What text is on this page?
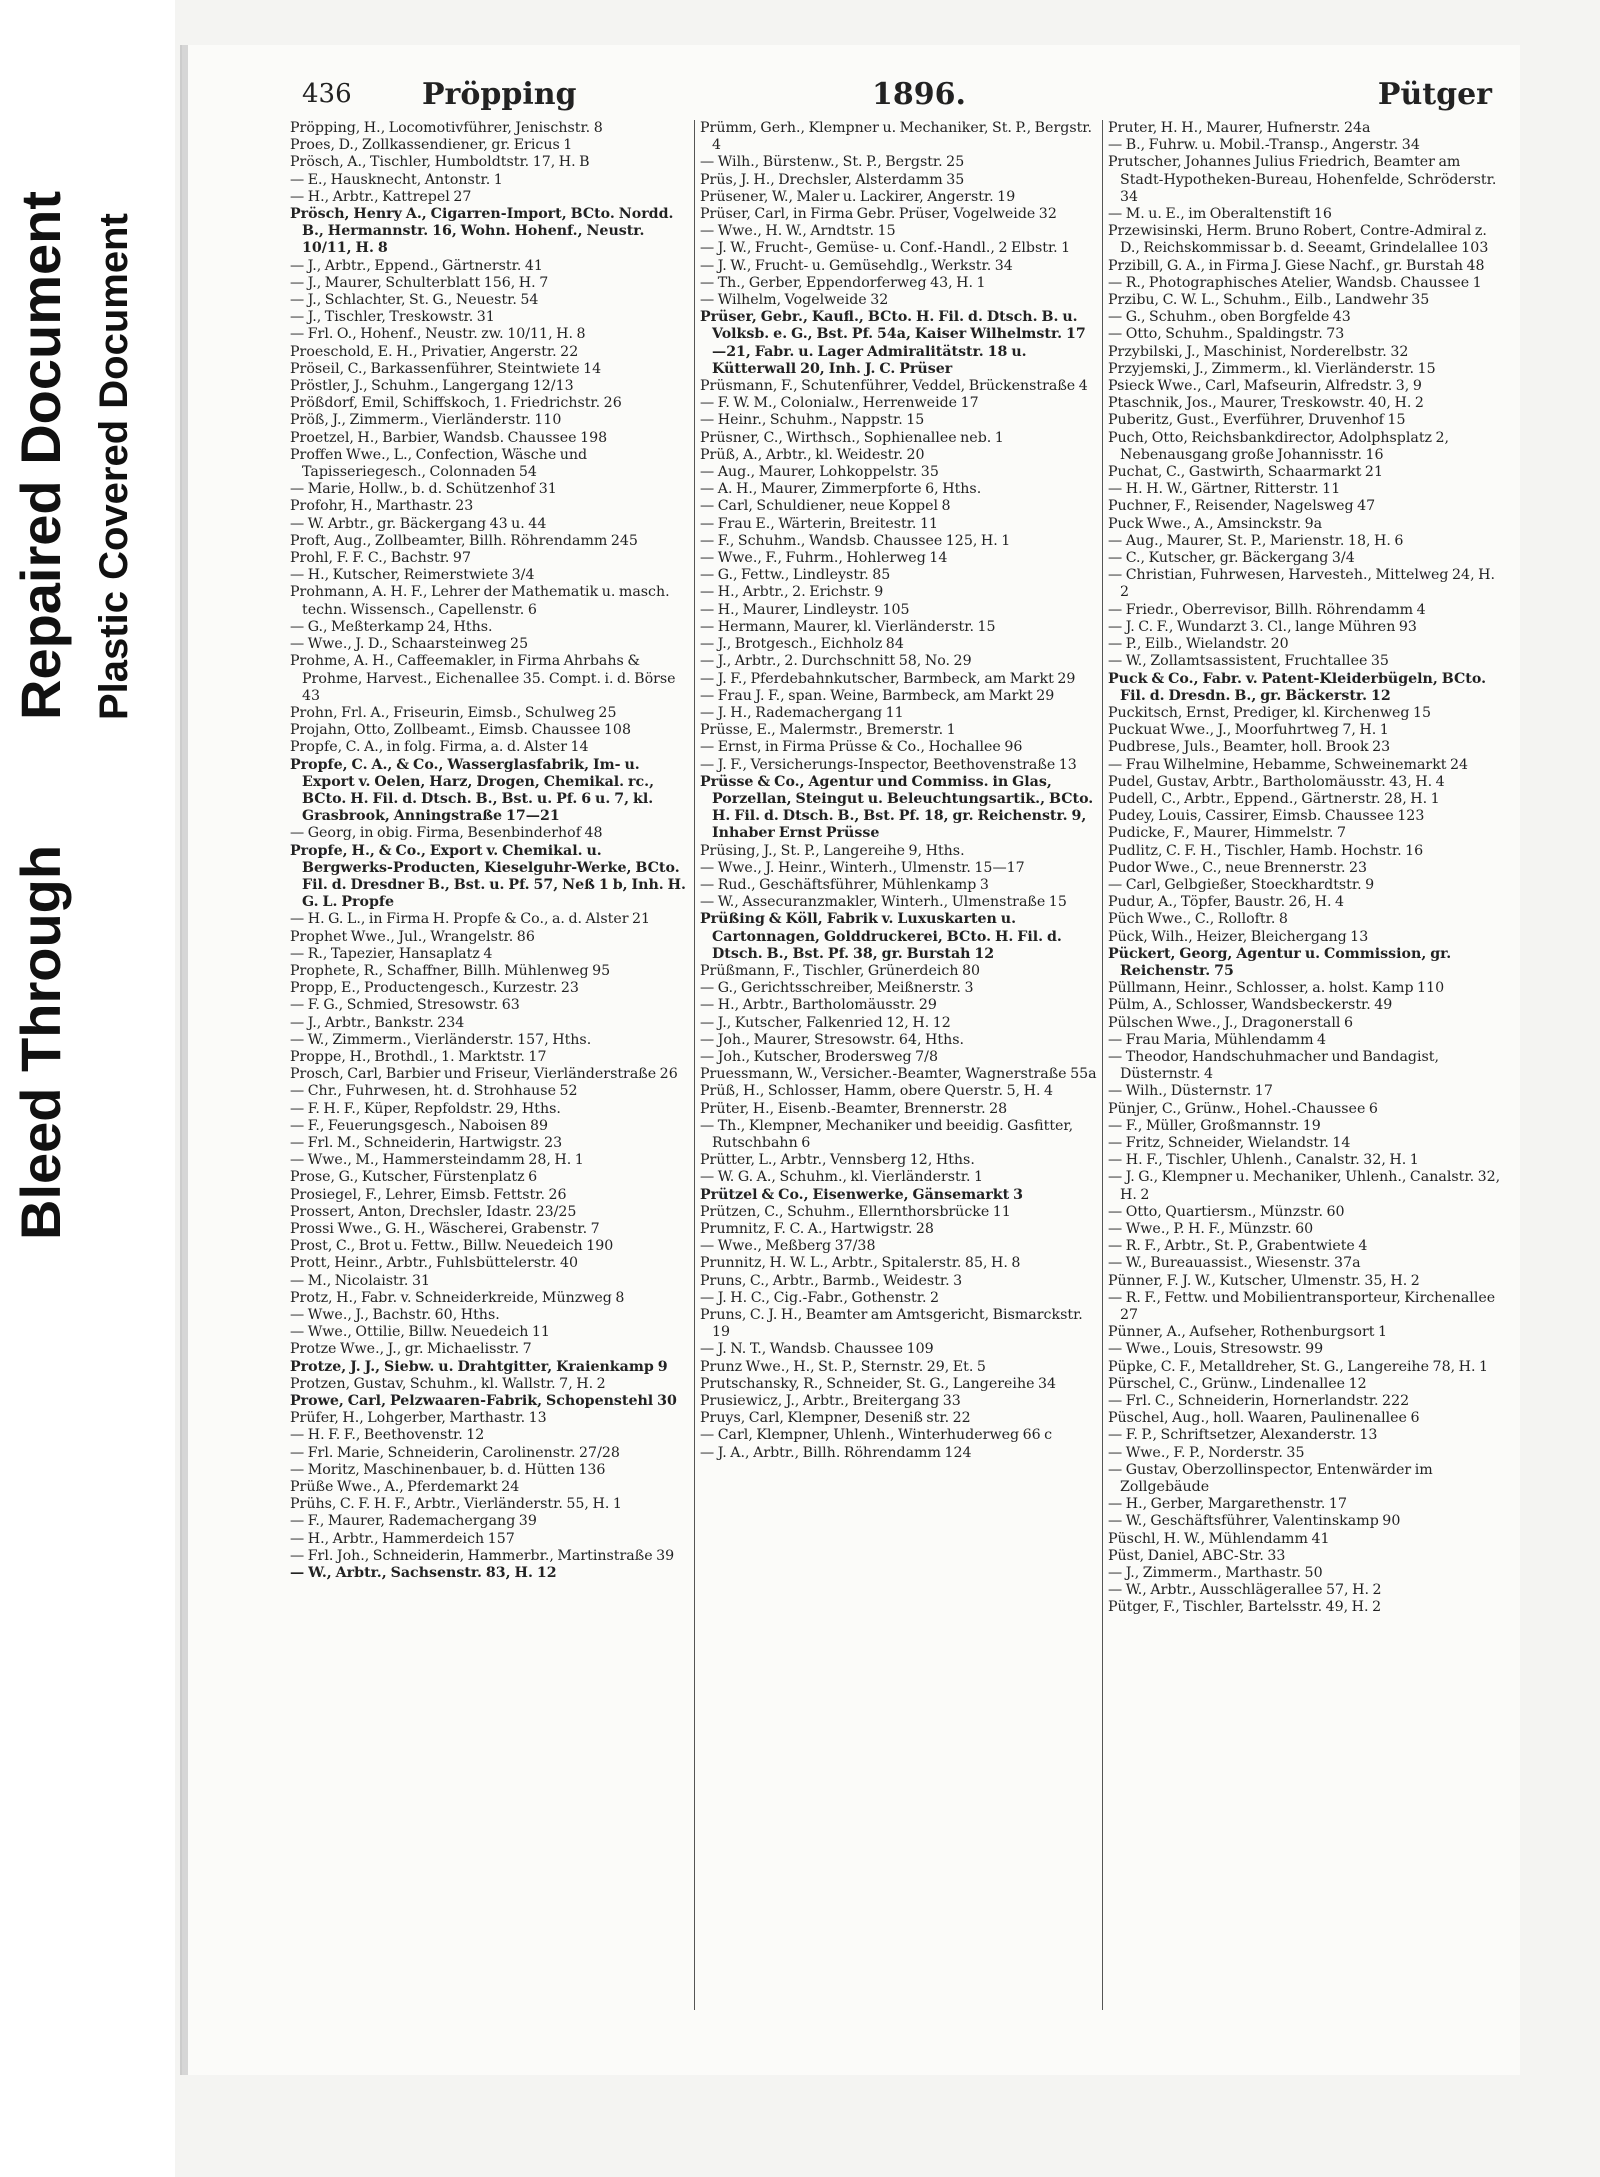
Repaired Document
Bleed Through
Plastic Covered Document
436 Pröpping	1896.	Pütger
Pröpping, H., Locomotivführer, Jenischstr. 8
Proes, D., Zollkassendiener, gr. Ericus 1
Prösch, A., Tischler, Humboldtstr. 17, H. B
— E., Hausknecht, Antonstr. 1
— H., Arbtr., Kattrepel 27
Prösch, Henry A., Cigarren-Import, BCto. Nordd. B., Hermannstr. 16, Wohn. Hohenf., Neustr. 10/11, H. 8
— J., Arbtr., Eppend., Gärtnerstr. 41
— J., Maurer, Schulterblatt 156, H. 7
— J., Schlachter, St. G., Neuestr. 54
— J., Tischler, Treskowstr. 31
— Frl. O., Hohenf., Neustr. zw. 10/11, H. 8
Proeschold, E. H., Privatier, Angerstr. 22
Pröseil, C., Barkassenführer, Steintwiete 14
Pröstler, J., Schuhm., Langergang 12/13
Prößdorf, Emil, Schiffskoch, 1. Friedrichstr. 26
Pröß, J., Zimmerm., Vierländerstr. 110
Proetzel, H., Barbier, Wandsb. Chaussee 198
Proffen Wwe., L., Confection, Wäsche und Tapisseriegesch., Colonnaden 54
— Marie, Hollw., b. d. Schützenhof 31
Profohr, H., Marthastr. 23
— W. Arbtr., gr. Bäckergang 43 u. 44
Proft, Aug., Zollbeamter, Billh. Röhrendamm 245
Prohl, F. F. C., Bachstr. 97
— H., Kutscher, Reimerstwiete 3/4
Prohmann, A. H. F., Lehrer der Mathematik u. masch. techn. Wissensch., Capellenstr. 6
— G., Meßterkamp 24, Hths.
— Wwe., J. D., Schaarsteinweg 25
Prohme, A. H., Caffeemakler, in Firma Ahrbahs & Prohme, Harvest., Eichenallee 35. Compt. i. d. Börse 43
Prohn, Frl. A., Friseurin, Eimsb., Schulweg 25
Projahn, Otto, Zollbeamt., Eimsb. Chaussee 108
Propfe, C. A., in folg. Firma, a. d. Alster 14
Propfe, C. A., & Co., Wasserglasfabrik, Im- u. Export v. Oelen, Harz, Drogen, Chemikal. rc., BCto. H. Fil. d. Dtsch. B., Bst. u. Pf. 6 u. 7, kl. Grasbrook, Anningstraße 17—21
— Georg, in obig. Firma, Besenbinderhof 48
Propfe, H., & Co., Export v. Chemikal. u. Bergwerks-Producten, Kieselguhr-Werke, BCto. Fil. d. Dresdner B., Bst. u. Pf. 57, Neß 1 b, Inh. H. G. L. Propfe
— H. G. L., in Firma H. Propfe & Co., a. d. Alster 21
Prophet Wwe., Jul., Wrangelstr. 86
— R., Tapezier, Hansaplatz 4
Prophete, R., Schaffner, Billh. Mühlenweg 95
Propp, E., Productengesch., Kurzestr. 23
— F. G., Schmied, Stresowstr. 63
— J., Arbtr., Bankstr. 234
— W., Zimmerm., Vierländerstr. 157, Hths.
Proppe, H., Brothdl., 1. Marktstr. 17
Prosch, Carl, Barbier und Friseur, Vierländerstraße 26
— Chr., Fuhrwesen, ht. d. Strohhause 52
— F. H. F., Küper, Repfoldstr. 29, Hths.
— F., Feuerungsgesch., Naboisen 89
— Frl. M., Schneiderin, Hartwigstr. 23
— Wwe., M., Hammersteindamm 28, H. 1
Prose, G., Kutscher, Fürstenplatz 6
Prosiegel, F., Lehrer, Eimsb. Fettstr. 26
Prossert, Anton, Drechsler, Idastr. 23/25
Prossi Wwe., G. H., Wäscherei, Grabenstr. 7
Prost, C., Brot u. Fettw., Billw. Neuedeich 190
Prott, Heinr., Arbtr., Fuhlsbüttelerstr. 40
— M., Nicolaistr. 31
Protz, H., Fabr. v. Schneiderkreide, Münzweg 8
— Wwe., J., Bachstr. 60, Hths.
— Wwe., Ottilie, Billw. Neuedeich 11
Protze Wwe., J., gr. Michaelisstr. 7
Protze, J. J., Siebw. u. Drahtgitter, Kraienkamp 9
Protzen, Gustav, Schuhm., kl. Wallstr. 7, H. 2
Prowe, Carl, Pelzwaaren-Fabrik, Schopenstehl 30
Prüfer, H., Lohgerber, Marthastr. 13
— H. F. F., Beethovenstr. 12
— Frl. Marie, Schneiderin, Carolinenstr. 27/28
— Moritz, Maschinenbauer, b. d. Hütten 136
Prüße Wwe., A., Pferdemarkt 24
Prühs, C. F. H. F., Arbtr., Vierländerstr. 55, H. 1
— F., Maurer, Rademachergang 39
— H., Arbtr., Hammerdeich 157
— Frl. Joh., Schneiderin, Hammerbr., Martinstraße 39
— W., Arbtr., Sachsenstr. 83, H. 12
Prümm, Gerh., Klempner u. Mechaniker, St. P., Bergstr. 4
— Wilh., Bürstenw., St. P., Bergstr. 25
Prüs, J. H., Drechsler, Alsterdamm 35
Prüsener, W., Maler u. Lackirer, Angerstr. 19
Prüser, Carl, in Firma Gebr. Prüser, Vogelweide 32
— Wwe., H. W., Arndtstr. 15
— J. W., Frucht-, Gemüse- u. Conf.-Handl., 2 Elbstr. 1
— J. W., Frucht- u. Gemüsehdlg., Werkstr. 34
— Th., Gerber, Eppendorferweg 43, H. 1
— Wilhelm, Vogelweide 32
Prüser, Gebr., Kaufl., BCto. H. Fil. d. Dtsch. B. u. Volksb. e. G., Bst. Pf. 54a, Kaiser Wilhelmstr. 17—21, Fabr. u. Lager Admiralitätstr. 18 u. Kütterwall 20, Inh. J. C. Prüser
Prüsmann, F., Schutenführer, Veddel, Brückenstraße 4
— F. W. M., Colonialw., Herrenweide 17
— Heinr., Schuhm., Nappstr. 15
Prüsner, C., Wirthsch., Sophienallee neb. 1
Prüß, A., Arbtr., kl. Weidestr. 20
— Aug., Maurer, Lohkoppelstr. 35
— A. H., Maurer, Zimmerpforte 6, Hths.
— Carl, Schuldiener, neue Koppel 8
— Frau E., Wärterin, Breitestr. 11
— F., Schuhm., Wandsb. Chaussee 125, H. 1
— Wwe., F., Fuhrm., Hohlerweg 14
— G., Fettw., Lindleystr. 85
— H., Arbtr., 2. Erichstr. 9
— H., Maurer, Lindleystr. 105
— Hermann, Maurer, kl. Vierländerstr. 15
— J., Brotgesch., Eichholz 84
— J., Arbtr., 2. Durchschnitt 58, No. 29
— J. F., Pferdebahnkutscher, Barmbeck, am Markt 29
— Frau J. F., span. Weine, Barmbeck, am Markt 29
— J. H., Rademachergang 11
Prüsse, E., Malermstr., Bremerstr. 1
— Ernst, in Firma Prüsse & Co., Hochallee 96
— J. F., Versicherungs-Inspector, Beethovenstraße 13
Prüsse & Co., Agentur und Commiss. in Glas, Porzellan, Steingut u. Beleuchtungsartik., BCto. H. Fil. d. Dtsch. B., Bst. Pf. 18, gr. Reichenstr. 9, Inhaber Ernst Prüsse
Prüsing, J., St. P., Langereihe 9, Hths.
— Wwe., J. Heinr., Winterh., Ulmenstr. 15—17
— Rud., Geschäftsführer, Mühlenkamp 3
— W., Assecuranzmakler, Winterh., Ulmenstraße 15
Prüßing & Köll, Fabrik v. Luxuskarten u. Cartonnagen, Golddruckerei, BCto. H. Fil. d. Dtsch. B., Bst. Pf. 38, gr. Burstah 12
Prüßmann, F., Tischler, Grünerdeich 80
— G., Gerichtsschreiber, Meißnerstr. 3
— H., Arbtr., Bartholomäusstr. 29
— J., Kutscher, Falkenried 12, H. 12
— Joh., Maurer, Stresowstr. 64, Hths.
— Joh., Kutscher, Brodersweg 7/8
Pruessmann, W., Versicher.-Beamter, Wagnerstraße 55a
Prüß, H., Schlosser, Hamm, obere Querstr. 5, H. 4
Prüter, H., Eisenb.-Beamter, Brennerstr. 28
— Th., Klempner, Mechaniker und beeidig. Gasfitter, Rutschbahn 6
Prütter, L., Arbtr., Vennsberg 12, Hths.
— W. G. A., Schuhm., kl. Vierländerstr. 1
Prützel & Co., Eisenwerke, Gänsemarkt 3
Prützen, C., Schuhm., Ellernthorsbrücke 11
Prumnitz, F. C. A., Hartwigstr. 28
— Wwe., Meßberg 37/38
Prunnitz, H. W. L., Arbtr., Spitalerstr. 85, H. 8
Pruns, C., Arbtr., Barmb., Weidestr. 3
— J. H. C., Cig.-Fabr., Gothenstr. 2
Pruns, C. J. H., Beamter am Amtsgericht, Bismarckstr. 19
— J. N. T., Wandsb. Chaussee 109
Prunz Wwe., H., St. P., Sternstr. 29, Et. 5
Prutschansky, R., Schneider, St. G., Langereihe 34
Prusiewicz, J., Arbtr., Breitergang 33
Pruys, Carl, Klempner, Deseniß str. 22
— Carl, Klempner, Uhlenh., Winterhuderweg 66 c
— J. A., Arbtr., Billh. Röhrendamm 124
Pruter, H. H., Maurer, Hufnerstr. 24a
— B., Fuhrw. u. Mobil.-Transp., Angerstr. 34
Prutscher, Johannes Julius Friedrich, Beamter am Stadt-Hypotheken-Bureau, Hohenfelde, Schröderstr. 34
— M. u. E., im Oberaltenstift 16
Przewisinski, Herm. Bruno Robert, Contre-Admiral z. D., Reichskommissar b. d. Seeamt, Grindelallee 103
Przibill, G. A., in Firma J. Giese Nachf., gr. Burstah 48
— R., Photographisches Atelier, Wandsb. Chaussee 1
Przibu, C. W. L., Schuhm., Eilb., Landwehr 35
— G., Schuhm., oben Borgfelde 43
— Otto, Schuhm., Spaldingstr. 73
Przybilski, J., Maschinist, Norderelbstr. 32
Przyjemski, J., Zimmerm., kl. Vierländerstr. 15
Psieck Wwe., Carl, Mafseurin, Alfredstr. 3, 9
Ptaschnik, Jos., Maurer, Treskowstr. 40, H. 2
Puberitz, Gust., Everführer, Druvenhof 15
Puch, Otto, Reichsbankdirector, Adolphsplatz 2, Nebenausgang große Johannisstr. 16
Puchat, C., Gastwirth, Schaarmarkt 21
— H. H. W., Gärtner, Ritterstr. 11
Puchner, F., Reisender, Nagelsweg 47
Puck Wwe., A., Amsinckstr. 9a
— Aug., Maurer, St. P., Marienstr. 18, H. 6
— C., Kutscher, gr. Bäckergang 3/4
— Christian, Fuhrwesen, Harvesteh., Mittelweg 24, H. 2
— Friedr., Oberrevisor, Billh. Röhrendamm 4
— J. C. F., Wundarzt 3. Cl., lange Mühren 93
— P., Eilb., Wielandstr. 20
— W., Zollamtsassistent, Fruchtallee 35
Puck & Co., Fabr. v. Patent-Kleiderbügeln, BCto. Fil. d. Dresdn. B., gr. Bäckerstr. 12
Puckitsch, Ernst, Prediger, kl. Kirchenweg 15
Puckuat Wwe., J., Moorfuhrtweg 7, H. 1
Pudbrese, Juls., Beamter, holl. Brook 23
— Frau Wilhelmine, Hebamme, Schweinemarkt 24
Pudel, Gustav, Arbtr., Bartholomäusstr. 43, H. 4
Pudell, C., Arbtr., Eppend., Gärtnerstr. 28, H. 1
Pudey, Louis, Cassirer, Eimsb. Chaussee 123
Pudicke, F., Maurer, Himmelstr. 7
Pudlitz, C. F. H., Tischler, Hamb. Hochstr. 16
Pudor Wwe., C., neue Brennerstr. 23
— Carl, Gelbgießer, Stoeckhardtstr. 9
Pudur, A., Töpfer, Baustr. 26, H. 4
Püch Wwe., C., Rolloftr. 8
Pück, Wilh., Heizer, Bleichergang 13
Pückert, Georg, Agentur u. Commission, gr. Reichenstr. 75
Püllmann, Heinr., Schlosser, a. holst. Kamp 110
Pülm, A., Schlosser, Wandsbeckerstr. 49
Pülschen Wwe., J., Dragonerstall 6
— Frau Maria, Mühlendamm 4
— Theodor, Handschuhmacher und Bandagist, Düsternstr. 4
— Wilh., Düsternstr. 17
Pünjer, C., Grünw., Hohel.-Chaussee 6
— F., Müller, Großmannstr. 19
— Fritz, Schneider, Wielandstr. 14
— H. F., Tischler, Uhlenh., Canalstr. 32, H. 1
— J. G., Klempner u. Mechaniker, Uhlenh., Canalstr. 32, H. 2
— Otto, Quartiersm., Münzstr. 60
— Wwe., P. H. F., Münzstr. 60
— R. F., Arbtr., St. P., Grabentwiete 4
— W., Bureauassist., Wiesenstr. 37a
Pünner, F. J. W., Kutscher, Ulmenstr. 35, H. 2
— R. F., Fettw. und Mobilientransporteur, Kirchenallee 27
Pünner, A., Aufseher, Rothenburgsort 1
— Wwe., Louis, Stresowstr. 99
Püpke, C. F., Metalldreher, St. G., Langereihe 78, H. 1
Pürschel, C., Grünw., Lindenallee 12
— Frl. C., Schneiderin, Hornerlandstr. 222
Püschel, Aug., holl. Waaren, Paulinenallee 6
— F. P., Schriftsetzer, Alexanderstr. 13
— Wwe., F. P., Norderstr. 35
— Gustav, Oberzollinspector, Entenwärder im Zollgebäude
— H., Gerber, Margarethenstr. 17
— W., Geschäftsführer, Valentinskamp 90
Püschl, H. W., Mühlendamm 41
Püst, Daniel, ABC-Str. 33
— J., Zimmerm., Marthastr. 50
— W., Arbtr., Ausschlägerallee 57, H. 2
Pütger, F., Tischler, Bartelsstr. 49, H. 2
